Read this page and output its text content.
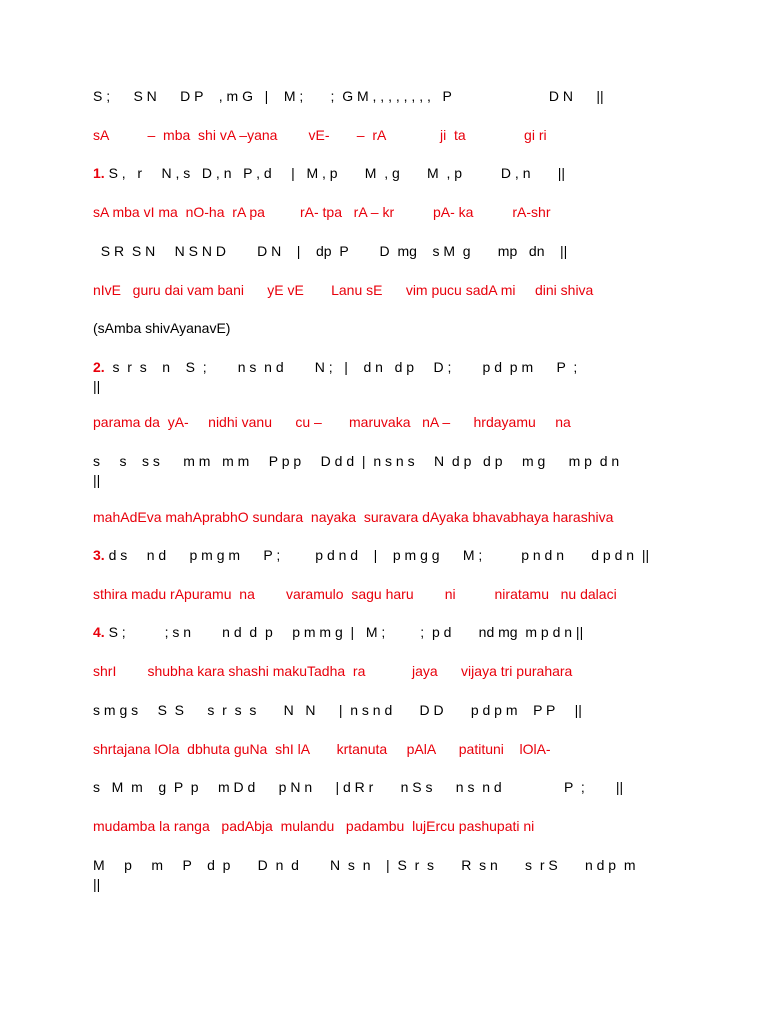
S ;      S N      D P    , m G   |    M ;       ;  G M , , , , , , , ,   P                         D N      ||
sA          –  mba  shi vA –yana        vE-       –  rA              ji  ta               gi ri
1. S ,   r     N , s   D , n   P , d     |   M , p       M  , g       M  , p          D , n       ||
sA mba vI ma  nO-ha  rA pa         rA- tpa   rA – kr          pA- ka          rA-shr
S R  S N     N S N D        D N    |    dp  P        D  mg    s M  g       mp   dn    ||
nIvE   guru dai vam bani      yE vE       Lanu sE      vim pucu sadA mi     dini shiva
(sAmba shivAyanavE)
2.  s  r  s    n    S  ;        n s  n d        N ;   |    d n   d p     D ;        p d  p m      P  ;
||
parama da  yA-     nidhi vanu      cu –       maruvaka   nA –      hrdayamu     na
s     s    s s      m m   m m     P p p     D d d  |  n s n s     N  d p   d p     m g      m p  d n
||
mahAdEva mahAprabhO sundara  nayaka  suravara dAyaka bhavabhaya harashiva
3. d s     n d      p m g m      P ;         p d n d    |    p m g g      M ;          p n d n       d p d n  ||
sthira madu rApuramu  na        varamulo  sagu haru        ni          niratamu   nu dalaci
4. S ;          ; s n        n d  d  p     p m m g  |   M ;         ;  p d       nd mg  m p d n ||
shrI        shubha kara shashi makuTadha  ra            jaya      vijaya tri purahara
s m g s     S  S      s  r  s  s       N   N      |  n s n d       D D       p d p m    P P     ||
shrtajana lOla  dbhuta guNa  shI lA       krtanuta     pAlA      patituni    lOlA-
s   M  m    g  P  p     m D d      p N n      | d R r       n S s      n s  n d                P  ;        ||
mudamba la ranga   padAbja  mulandu   padambu  lujErcu pashupati ni
M     p     m     P    d  p       D  n  d        N  s  n    |  S  r  s       R  s n       s  r S       n d p  m
||
